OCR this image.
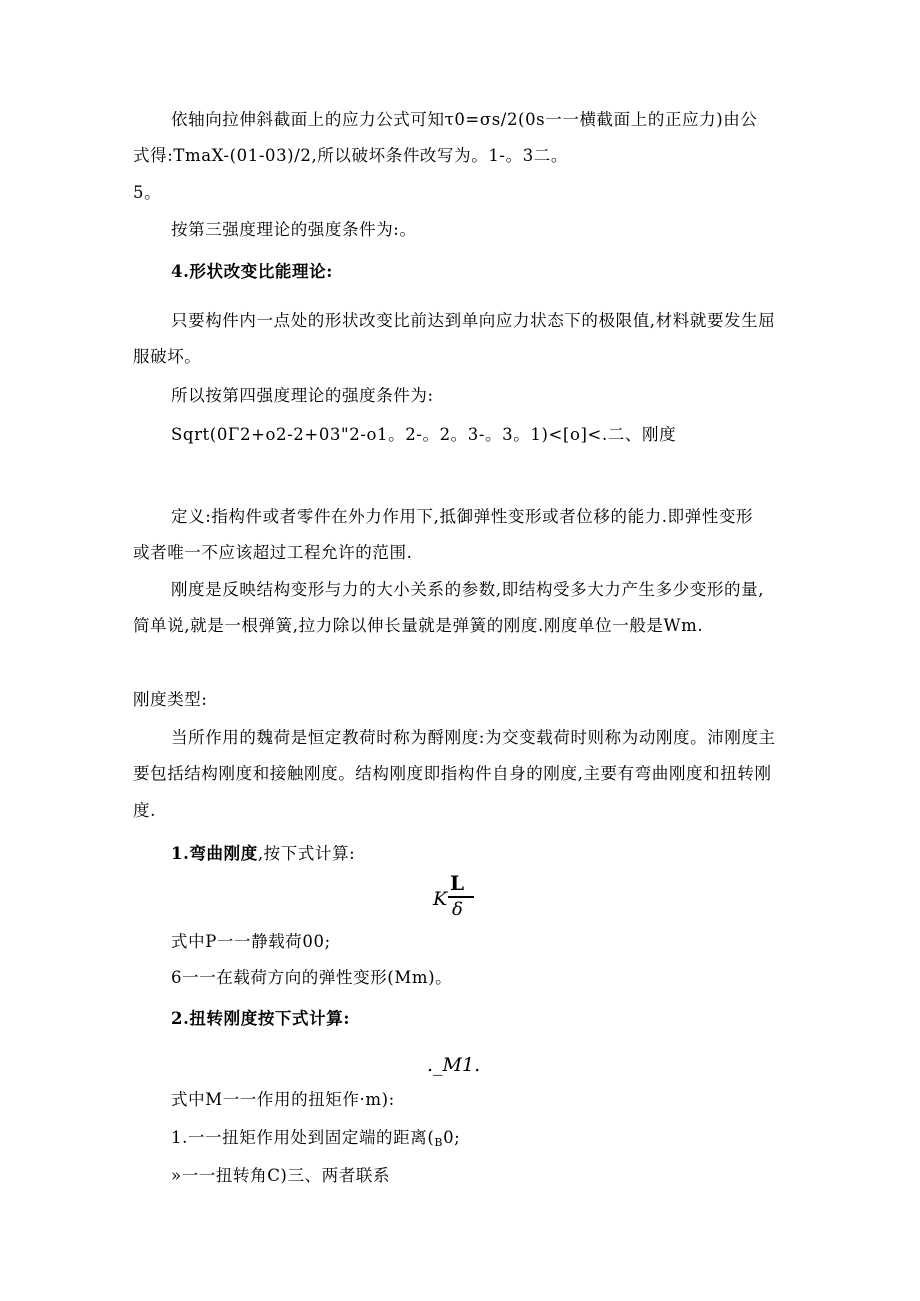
依轴向拉伸斜截面上的应力公式可知τ0=σs/2(0s一一横截面上的正应力)由公
式得:TmaX-(01-03)/2,所以破坏条件改写为。1-。3二。
5。
按第三强度理论的强度条件为:。
4.形状改变比能理论:
只要构件内一点处的形状改变比前达到单向应力状态下的极限值,材料就要发生屈
服破坏。
所以按第四强度理论的强度条件为:
Sqrt(0Γ2+o2-2+03"2-o1。2-。2。3-。3。1)<[o]<.二、刚度
定义:指构件或者零件在外力作用下,抵御弹性变形或者位移的能力.即弹性变形
或者唯一不应该超过工程允许的范围.
刚度是反映结构变形与力的大小关系的参数,即结构受多大力产生多少变形的量,
简单说,就是一根弹簧,拉力除以伸长量就是弹簧的刚度.刚度单位一般是Wm.
刚度类型:
当所作用的魏荷是恒定教荷时称为酹刚度:为交变载荷时则称为动刚度。沛刚度主
要包括结构刚度和接触刚度。结构刚度即指构件自身的刚度,主要有弯曲刚度和扭转刚
度.
1.弯曲刚度,按下式计算:
K
L
δ
式中P一一静载荷00;
6一一在载荷方向的弹性变形(Mm)。
2.扭转刚度按下式计算:
._M1.
式中M一一作用的扭矩作·m):
1.一一扭矩作用处到固定端的距离($_B0$;
»一一扭转角C)三、两者联系
